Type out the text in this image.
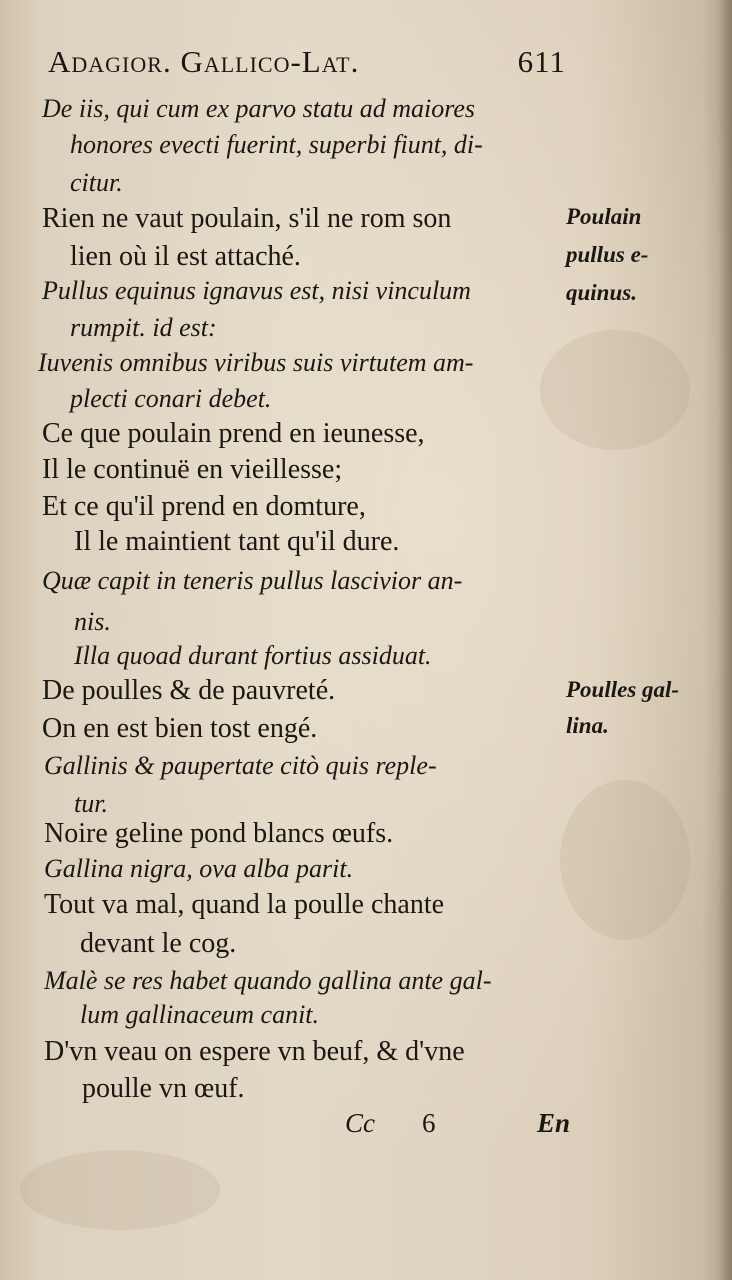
Adagior. Gallico-Lat.	611
De iis, qui cum ex parvo statu ad maiores
honores evecti fuerint, superbi fiunt, di-
citur.
Rien ne vaut poulain, s'il ne rom son
lien où il est attaché.
Pullus equinus ignavus est, nisi vinculum
rumpit. id est:
Iuvenis omnibus viribus suis virtutem am-
plecti conari debet.
Ce que poulain prend en ieunesse,
Il le continuë en vieillesse;
Et ce qu'il prend en domture,
Il le maintient tant qu'il dure.
Quæ capit in teneris pullus lascivior an-
nis.
Illa quoad durant fortius assiduat.
De poulles & de pauvreté.
On en est bien tost engé.
Gallinis & paupertate citò quis reple-
tur.
Noire geline pond blancs œufs.
Gallina nigra, ova alba parit.
Tout va mal, quand la poulle chante
devant le cog.
Malè se res habet quando gallina ante gal-
lum gallinaceum canit.
D'vn veau on espere vn beuf, & d'vne
poulle vn œuf.
Poulain
pullus e-
quinus.
Poulles gal-
lina.
Cc 6	En
